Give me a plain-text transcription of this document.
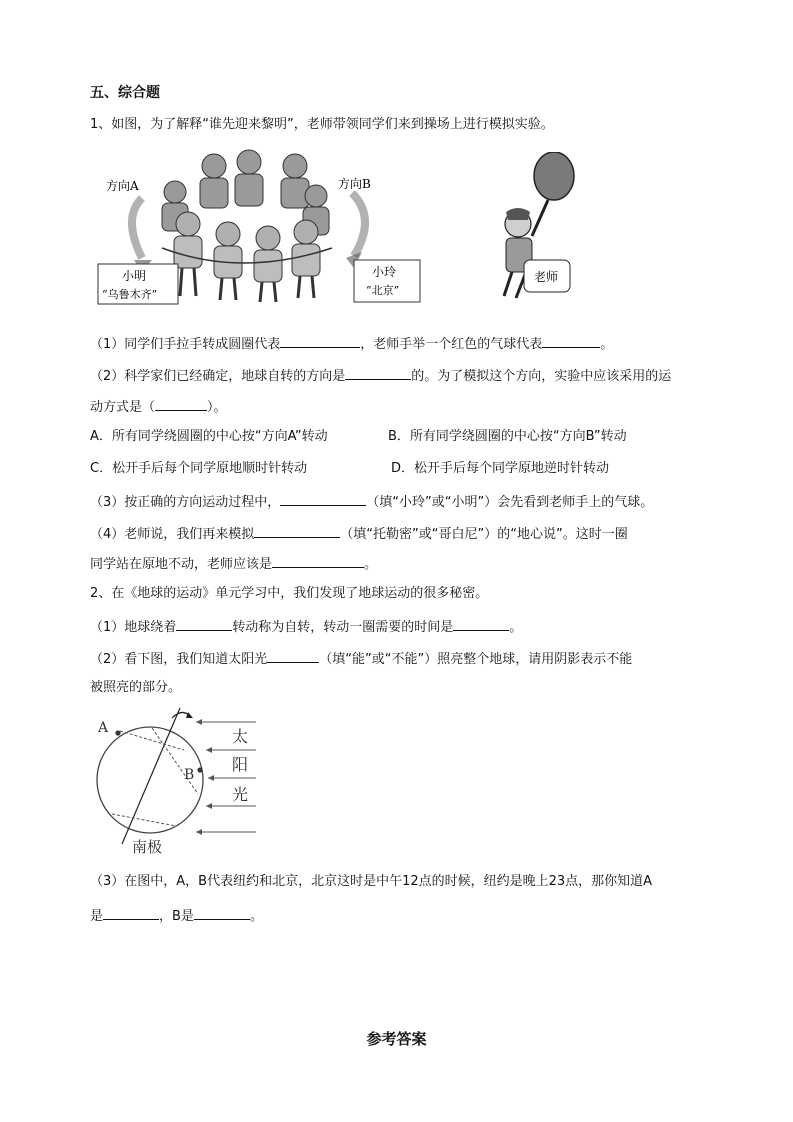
五、综合题
1、如图，为了解释“谁先迎来黎明”，老师带领同学们来到操场上进行模拟实验。
方向A	方向B
小明
“乌鲁木齐”
小玲
“北京”
老师
（1）同学们手拉手转成圆圈代表	，老师手举一个红色的气球代表	。
（2）科学家们已经确定，地球自转的方向是	的。为了模拟这个方向，实验中应该采用的运
动方式是（	）。
A．所有同学绕圆圈的中心按“方向A”转动	B．所有同学绕圆圈的中心按“方向B”转动
C．松开手后每个同学原地顺时针转动	D．松开手后每个同学原地逆时针转动
（3）按正确的方向运动过程中，	（填“小玲”或“小明”）会先看到老师手上的气球。
（4）老师说，我们再来模拟	（填“托勒密”或“哥白尼”）的“地心说”。这时一圈
同学站在原地不动，老师应该是	。
2、在《地球的运动》单元学习中，我们发现了地球运动的很多秘密。
（1）地球绕着	转动称为自转，转动一圈需要的时间是	。
（2）看下图，我们知道太阳光	（填“能”或“不能”）照亮整个地球，请用阴影表示不能
被照亮的部分。
A
B
太
阳
光
南极
（3）在图中，A，B代表纽约和北京，北京这时是中午12点的时候，纽约是晚上23点，那你知道A
是	，B是	。
参考答案
